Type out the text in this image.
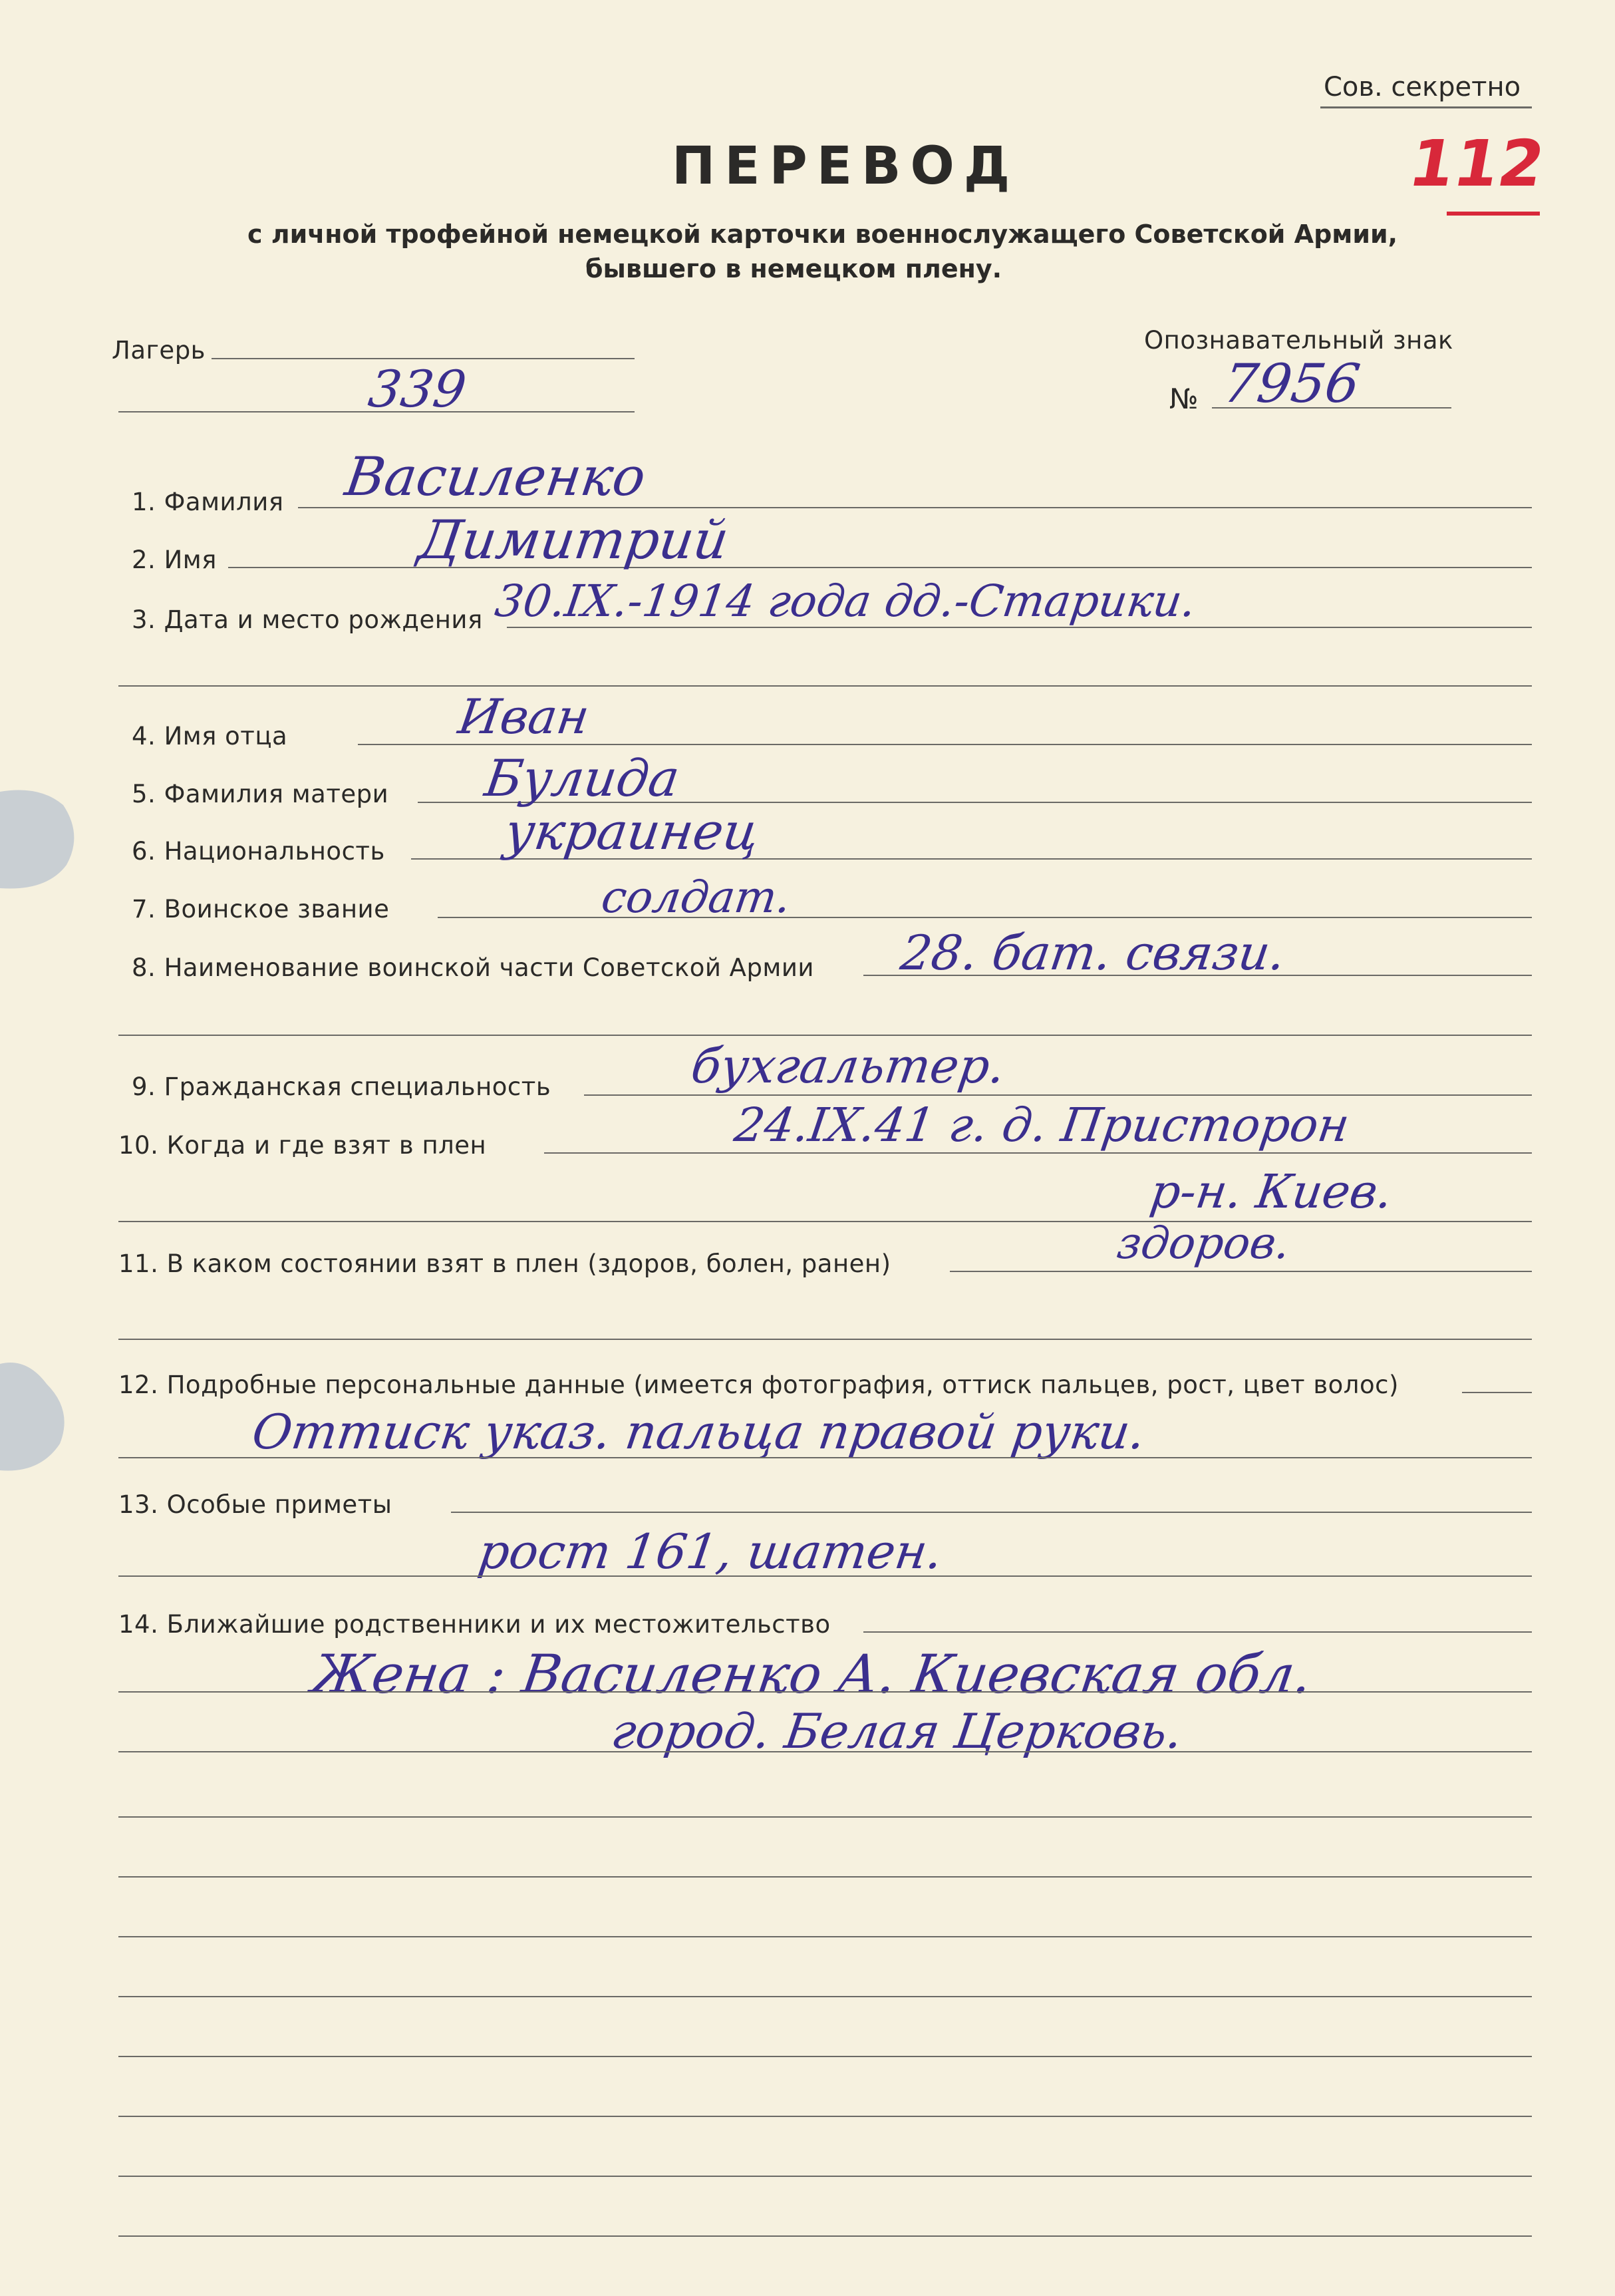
Сов. секретно
112
ПЕРЕВОД
с личной трофейной немецкой карточки военнослужащего Советской Армии,
бывшего в немецком плену.
Лагерь
339
Опознавательный знак
№ 7956
1. Фамилия Василенко
2. Имя	Димитрий
3. Дата и место рождения 30.IX.-1914 года дд.-Старики.
4. Имя отца	Иван
5. Фамилия матери Булида
6. Национальность украинец
7. Воинское звание	солдат.
8. Наименование воинской части Советской Армии 28. бат. связи.
9. Гражданская специальность	бухгальтер.
10. Когда и где взят в плен	24.IX.41 г. д. Присторон
р-н. Киев.
11. В каком состоянии взят в плен (здоров, болен, ранен)	здоров.
12. Подробные персональные данные (имеется фотография, оттиск пальцев, рост, цвет волос)
Оттиск указ. пальца правой руки.
13. Особые приметы
рост 161, шатен.
14. Ближайшие родственники и их местожительство
Жена : Василенко А. Киевская обл.
город. Белая Церковь.
